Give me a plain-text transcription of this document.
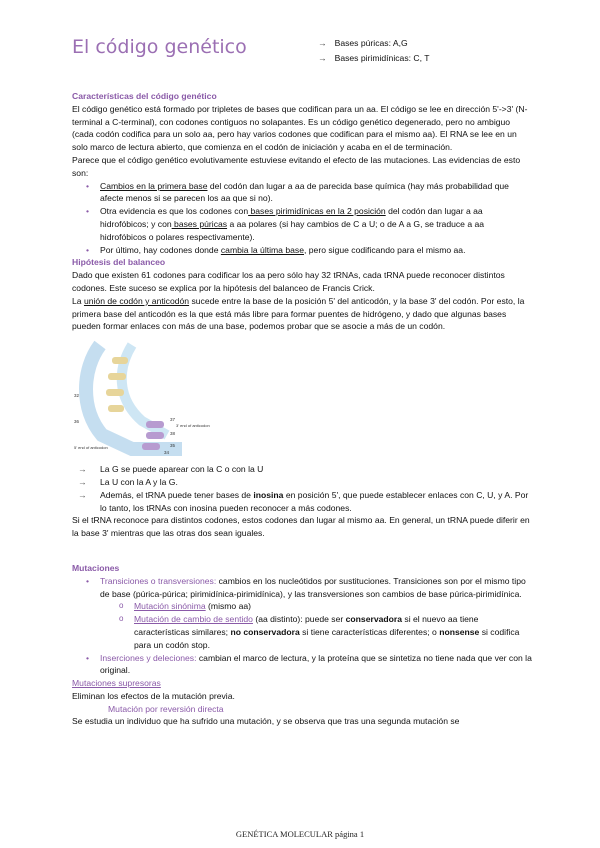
El código genético	→ Bases púricas: A,G
→ Bases pirimidínicas: C, T
Características del código genético

El código genético está formado por tripletes de bases que codifican para un aa. El código se lee en dirección 5'->3' (N-terminal a C-terminal), con codones contiguos no solapantes. Es un código genético degenerado, pero no ambiguo (cada codón codifica para un solo aa, pero hay varios codones que codifican para el mismo aa). El RNA se lee en un solo marco de lectura abierto, que comienza en el codón de iniciación y acaba en el de terminación.

Parece que el código genético evolutivamente estuviese evitando el efecto de las mutaciones. Las evidencias de esto son:

• Cambios en la primera base del codón dan lugar a aa de parecida base química (hay más probabilidad que afecte menos si se parecen los aa que si no).
• Otra evidencia es que los codones con bases pirimidínicas en la 2 posición del codón dan lugar a aa hidrofóbicos; y con bases púricas a aa polares (si hay cambios de C a U; o de A a G, se traduce a aa hidrofóbicos o polares respectivamente).
• Por último, hay codones donde cambia la última base, pero sigue codificando para el mismo aa.
Hipótesis del balanceo

Dado que existen 61 codones para codificar los aa pero sólo hay 32 tRNAs, cada tRNA puede reconocer distintos codones. Este suceso se explica por la hipótesis del balanceo de Francis Crick.

La unión de codón y anticodón sucede entre la base de la posición 5' del anticodón, y la base 3' del codón. Por esto, la primera base del anticodón es la que está más libre para formar puentes de hidrógeno, y dado que algunas bases pueden formar enlaces con más de una base, podemos probar que se asocie a más de un codón.

32
36	37
38
34
35
3' end of anticodon
5' end of anticodon
→ La G se puede aparear con la C o con la U
→ La U con la A y la G.
→ Además, el tRNA puede tener bases de inosina en posición 5', que puede establecer enlaces con C, U, y A. Por lo tanto, los tRNAs con inosina pueden reconocer a más codones.

Si el tRNA reconoce para distintos codones, estos codones dan lugar al mismo aa. En general, un tRNA puede diferir en la base 3' mientras que las otras dos sean iguales.

Mutaciones
• Transiciones o transversiones: cambios en los nucleótidos por sustituciones. Transiciones son por el mismo tipo de base (púrica-púrica; pirimidínica-pirimidínica), y las transversiones son cambios de base púrica-pirimidínica.
o Mutación sinónima (mismo aa)
o Mutación de cambio de sentido (aa distinto): puede ser conservadora si el nuevo aa tiene características similares; no conservadora si tiene características diferentes; o nonsense si codifica para un codón stop.
• Inserciones y deleciones: cambian el marco de lectura, y la proteína que se sintetiza no tiene nada que ver con la original.
Mutaciones supresoras

Eliminan los efectos de la mutación previa.

Mutación por reversión directa

Se estudia un individuo que ha sufrido una mutación, y se observa que tras una segunda mutación se

GENÉTICA MOLECULAR página 1
